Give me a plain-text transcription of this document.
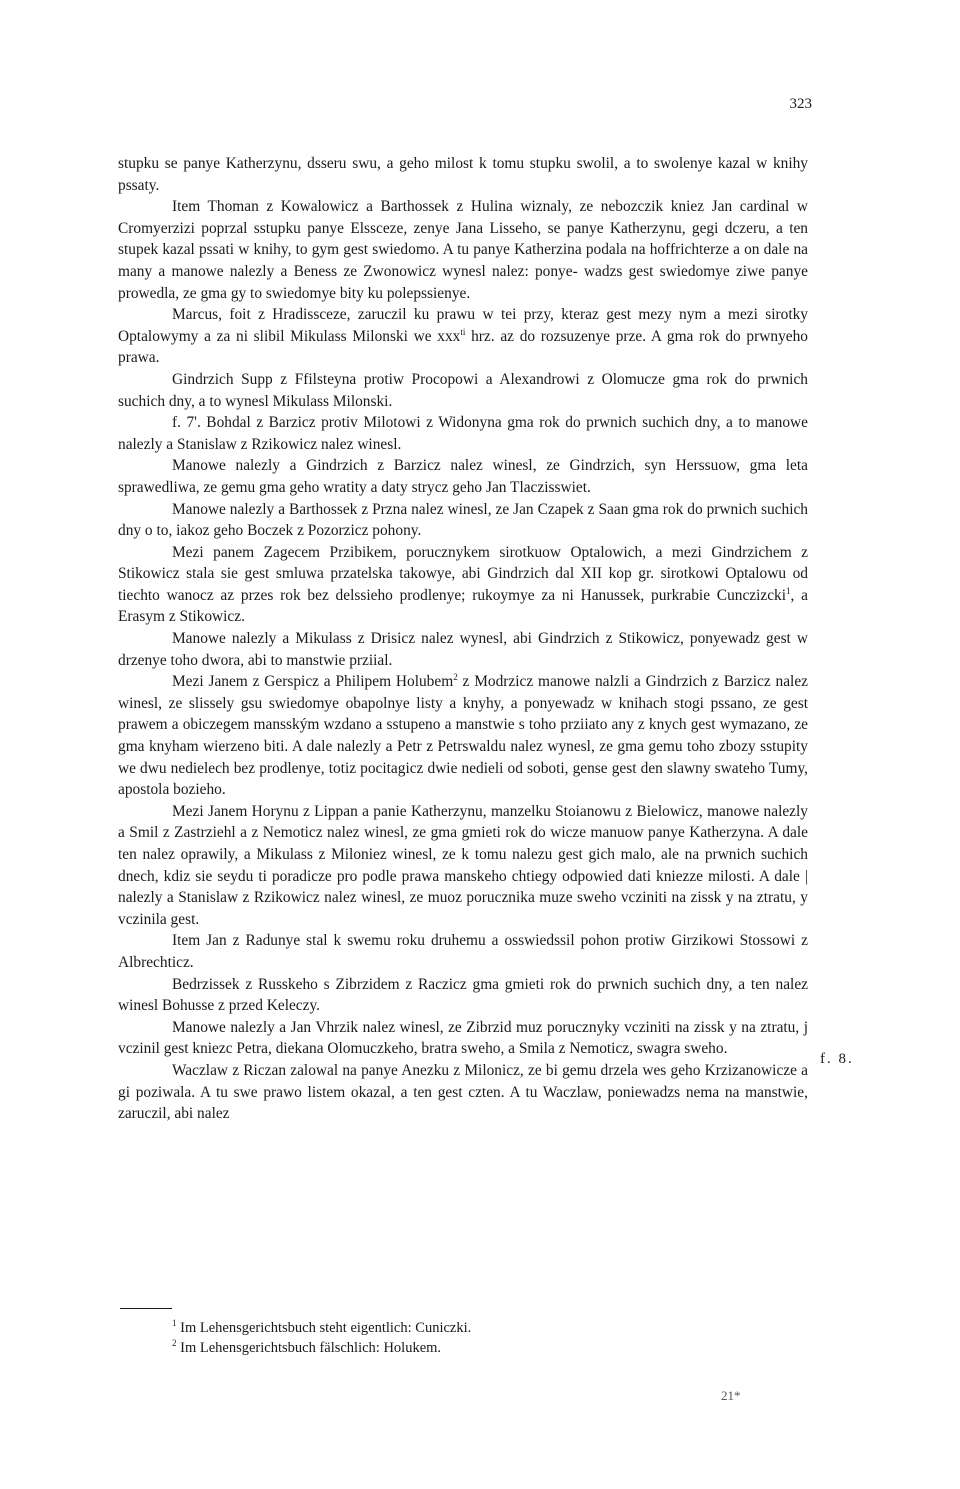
323

stupku se panye Katherzynu, dsseru swu, a geho milost k tomu stupku swolil, a to swolenye kazal w knihy pssaty.

Item Thoman z Kowalowicz a Barthossek z Hulina wiznaly, ze nebozczik kniez Jan cardinal w Cromyerzizi poprzal sstupku panye Elssceze, zenye Jana Lisseho, se panye Katherzynu, gegi dczeru, a ten stupek kazal pssati w knihy, to gym gest swiedomo. A tu panye Katherzina podala na hoffrichterze a on dale na many a manowe nalezly a Beness ze Zwonowicz wynesl nalez: ponye- wadzs gest swiedomye ziwe panye prowedla, ze gma gy to swiedomye bity ku polepssienye.

Marcus, foit z Hradissceze, zaruczil ku prawu w tei przy, kteraz gest mezy nym a mezi sirotky Optalowymy a za ni slibil Mikulass Milonski we xxx$^{ti}$ hrz. az do rozsuzenye prze. A gma rok do prwnyeho prawa.

Gindrzich Supp z Ffilsteyna protiw Procopowi a Alexandrowi z Olomucze gma rok do prwnich suchich dny, a to wynesl Mikulass Milonski.

f. 7'. Bohdal z Barzicz protiv Milotowi z Widonyna gma rok do prwnich suchich dny, a to manowe nalezly a Stanislaw z Rzikowicz nalez winesl.

Manowe nalezly a Gindrzich z Barzicz nalez winesl, ze Gindrzich, syn Herssuow, gma leta sprawedliwa, ze gemu gma geho wratity a daty strycz geho Jan Tlaczisswiet.

Manowe nalezly a Barthossek z Przna nalez winesl, ze Jan Czapek z Saan gma rok do prwnich suchich dny o to, iakoz geho Boczek z Pozorzicz pohony.

Mezi panem Zagecem Przibikem, porucznykem sirotkuow Optalowich, a mezi Gindrzichem z Stikowicz stala sie gest smluwa przatelska takowye, abi Gindrzich dal XII kop gr. sirotkowi Optalowu od tiechto wanocz az przes rok bez delssieho prodlenye; rukoymye za ni Hanussek, purkrabie Cunczizcki$^1$, a Erasym z Stikowicz.

Manowe nalezly a Mikulass z Drisicz nalez wynesl, abi Gindrzich z Stikowicz, ponyewadz gest w drzenye toho dwora, abi to manstwie prziial.

Mezi Janem z Gerspicz a Philipem Holubem$^2$ z Modrzicz manowe nalzli a Gindrzich z Barzicz nalez winesl, ze slissely gsu swiedomye obapolnye listy a knyhy, a ponyewadz w knihach stogi pssano, ze gest prawem a obiczegem mansským wzdano a sstupeno a manstwie s toho prziiato any z knych gest wymazano, ze gma knyham wierzeno biti. A dale nalezly a Petr z Petrswaldu nalez wynesl, ze gma gemu toho zbozy sstupity we dwu nedielech bez prodlenye, totiz pocitagicz dwie nedieli od soboti, gense gest den slawny swateho Tumy, apostola bozieho.

Mezi Janem Horynu z Lippan a panie Katherzynu, manzelku Stoianowu z Bielowicz, manowe nalezly a Smil z Zastrziehl a z Nemoticz nalez winesl, ze gma gmieti rok do wicze manuow panye Katherzyna. A dale ten nalez oprawily, a Mikulass z Miloniez winesl, ze k tomu nalezu gest gich malo, ale na prwnich suchich dnech, kdiz sie seydu ti poradicze pro podle prawa manskeho chtiegy odpowied dati kniezze milosti. A dale | nalezly a Stanislaw z Rzikowicz nalez winesl, ze muoz porucznika muze sweho vcziniti na zissk y na ztratu, y vczinila gest.

Item Jan z Radunye stal k swemu roku druhemu a osswiedssil pohon protiw Girzikowi Stossowi z Albrechticz.

Bedrzissek z Russkeho s Zibrzidem z Raczicz gma gmieti rok do prwnich suchich dny, a ten nalez winesl Bohusse z przed Keleczy.

Manowe nalezly a Jan Vhrzik nalez winesl, ze Zibrzid muz porucznyky vcziniti na zissk y na ztratu, j vczinil gest kniezc Petra, diekana Olomuczkeho, bratra sweho, a Smila z Nemoticz, swagra sweho.

Waczlaw z Riczan zalowal na panye Anezku z Milonicz, ze bi gemu drzela wes geho Krzizanowicze a gi poziwala. A tu swe prawo listem okazal, a ten gest czten. A tu Waczlaw, poniewadzs nema na manstwie, zaruczil, abi nalez

f. 8.

$^1$ Im Lehensgerichtsbuch steht eigentlich: Cuniczki.

$^2$ Im Lehensgerichtsbuch fälschlich: Holukem.

21*
